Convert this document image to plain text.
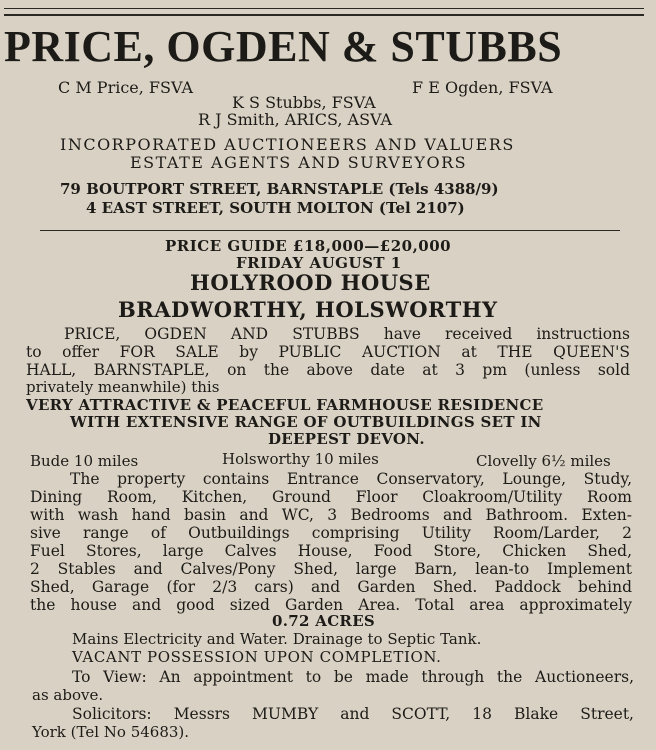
PRICE, OGDEN & STUBBS
C M Price, FSVA	F E Ogden, FSVA
K S Stubbs, FSVA
R J Smith, ARICS, ASVA
INCORPORATED AUCTIONEERS AND VALUERS
ESTATE AGENTS AND SURVEYORS
79 BOUTPORT STREET, BARNSTAPLE (Tels 4388/9)
4 EAST STREET, SOUTH MOLTON (Tel 2107)
PRICE GUIDE £18,000—£20,000
FRIDAY AUGUST 1
HOLYROOD HOUSE
BRADWORTHY, HOLSWORTHY
PRICE, OGDEN AND STUBBS have received instructions
to offer FOR SALE by PUBLIC AUCTION at THE QUEEN'S
HALL, BARNSTAPLE, on the above date at 3 pm (unless sold
privately meanwhile) this
VERY ATTRACTIVE & PEACEFUL FARMHOUSE RESIDENCE
WITH EXTENSIVE RANGE OF OUTBUILDINGS SET IN
DEEPEST DEVON.
Bude 10 miles	Holsworthy 10 miles	Clovelly 6½ miles
The property contains Entrance Conservatory, Lounge, Study,
Dining Room, Kitchen, Ground Floor Cloakroom/Utility Room
with wash hand basin and WC, 3 Bedrooms and Bathroom. Exten-
sive range of Outbuildings comprising Utility Room/Larder, 2
Fuel Stores, large Calves House, Food Store, Chicken Shed,
2 Stables and Calves/Pony Shed, large Barn, lean-to Implement
Shed, Garage (for 2/3 cars) and Garden Shed. Paddock behind
the house and good sized Garden Area. Total area approximately
0.72 ACRES
Mains Electricity and Water. Drainage to Septic Tank.
VACANT POSSESSION UPON COMPLETION.
To View: An appointment to be made through the Auctioneers,
as above.
Solicitors: Messrs MUMBY and SCOTT, 18 Blake Street,
York (Tel No 54683).
